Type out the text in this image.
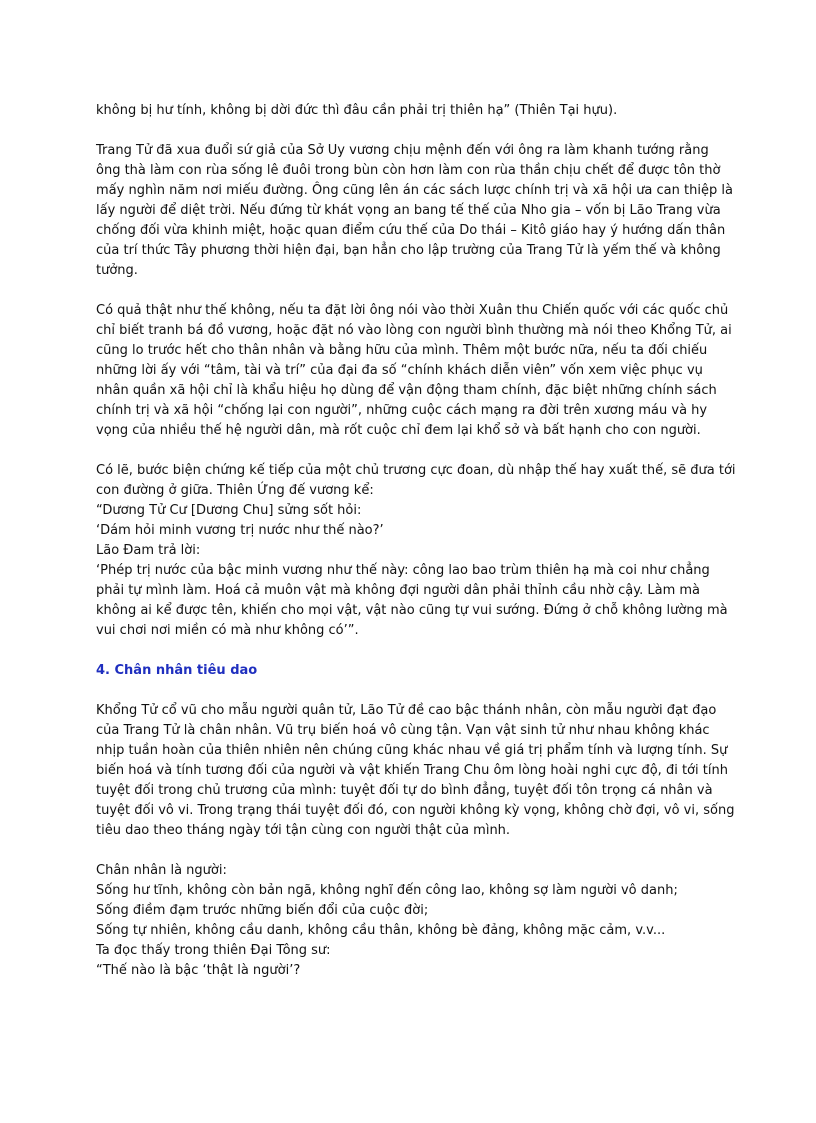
không bị hư tính, không bị dời đức thì đâu cần phải trị thiên hạ” (Thiên Tại hựu).

Trang Tử đã xua đuổi sứ giả của Sở Uy vương chịu mệnh đến với ông ra làm khanh tướng rằng ông thà làm con rùa sống lê đuôi trong bùn còn hơn làm con rùa thần chịu chết để được tôn thờ mấy nghìn năm nơi miếu đường. Ông cũng lên án các sách lược chính trị và xã hội ưa can thiệp là lấy người để diệt trời. Nếu đứng từ khát vọng an bang tế thế của Nho gia – vốn bị Lão Trang vừa chống đối vừa khinh miệt, hoặc quan điểm cứu thế của Do thái – Kitô giáo hay ý hướng dấn thân của trí thức Tây phương thời hiện đại, bạn hẳn cho lập trường của Trang Tử là yếm thế và không tưởng.

Có quả thật như thế không, nếu ta đặt lời ông nói vào thời Xuân thu Chiến quốc với các quốc chủ chỉ biết tranh bá đồ vương, hoặc đặt nó vào lòng con người bình thường mà nói theo Khổng Tử, ai cũng lo trước hết cho thân nhân và bằng hữu của mình. Thêm một bước nữa, nếu ta đối chiếu những lời ấy với “tâm, tài và trí” của đại đa số “chính khách diễn viên” vốn xem việc phục vụ nhân quần xã hội chỉ là khẩu hiệu họ dùng để vận động tham chính, đặc biệt những chính sách chính trị và xã hội “chống lại con người”, những cuộc cách mạng ra đời trên xương máu và hy vọng của nhiều thế hệ người dân, mà rốt cuộc chỉ đem lại khổ sở và bất hạnh cho con người.

Có lẽ, bước biện chứng kế tiếp của một chủ trương cực đoan, dù nhập thế hay xuất thế, sẽ đưa tới con đường ở giữa. Thiên Ứng đế vương kể:
“Dương Tử Cư [Dương Chu] sửng sốt hỏi:
‘Dám hỏi minh vương trị nước như thế nào?’
Lão Đam trả lời:
‘Phép trị nước của bậc minh vương như thế này: công lao bao trùm thiên hạ mà coi như chẳng phải tự mình làm. Hoá cả muôn vật mà không đợi người dân phải thỉnh cầu nhờ cậy. Làm mà không ai kể được tên, khiến cho mọi vật, vật nào cũng tự vui sướng. Đứng ở chỗ không lường mà vui chơi nơi miền có mà như không có’”.

4. Chân nhân tiêu dao

Khổng Tử cổ vũ cho mẫu người quân tử, Lão Tử đề cao bậc thánh nhân, còn mẫu người đạt đạo của Trang Tử là chân nhân. Vũ trụ biến hoá vô cùng tận. Vạn vật sinh tử như nhau không khác nhịp tuần hoàn của thiên nhiên nên chúng cũng khác nhau về giá trị phẩm tính và lượng tính. Sự biến hoá và tính tương đối của người và vật khiến Trang Chu ôm lòng hoài nghi cực độ, đi tới tính tuyệt đối trong chủ trương của mình: tuyệt đối tự do bình đẳng, tuyệt đối tôn trọng cá nhân và tuyệt đối vô vi. Trong trạng thái tuyệt đối đó, con người không kỳ vọng, không chờ đợi, vô vi, sống tiêu dao theo tháng ngày tới tận cùng con người thật của mình.

Chân nhân là người:
Sống hư tĩnh, không còn bản ngã, không nghĩ đến công lao, không sợ làm người vô danh;
Sống điềm đạm trước những biến đổi của cuộc đời;
Sống tự nhiên, không cầu danh, không cầu thân, không bè đảng, không mặc cảm, v.v...
Ta đọc thấy trong thiên Đại Tông sư:
“Thế nào là bậc ‘thật là người’?
